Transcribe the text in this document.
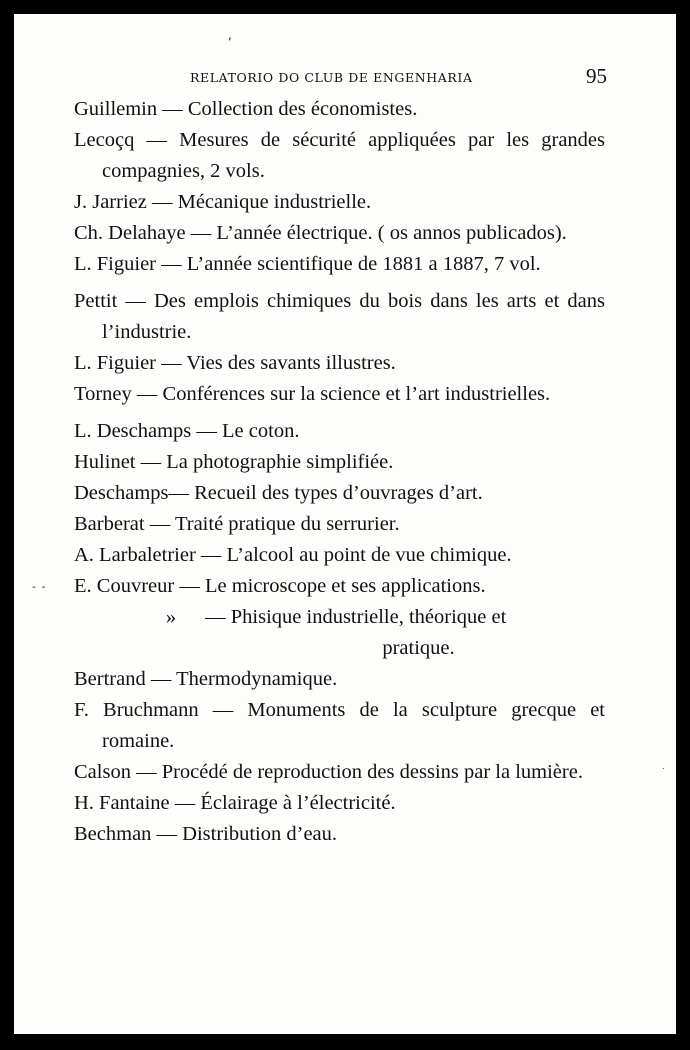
,
RELATORIO DO CLUB DE ENGENHARIA	95

Guillemin — Collection des économistes.

Lecoçq — Mesures de sécurité appliquées par les grandes compagnies, 2 vols.

J. Jarriez — Mécanique industrielle.

Ch. Delahaye — L’année électrique. ( os annos publicados).

L. Figuier — L’année scientifique de 1881 a 1887, 7 vol.

Pettit — Des emplois chimiques du bois dans les arts et dans l’industrie.

L. Figuier — Vies des savants illustres.

Torney — Conférences sur la science et l’art industrielles.

L. Deschamps — Le coton.

Hulinet — La photographie simplifiée.

Deschamps— Recueil des types d’ouvrages d’art.

Barberat — Traité pratique du serrurier.

A. Larbaletrier — L’alcool au point de vue chimique.

E. Couvreur — Le microscope et ses applications.

» — Phisique industrielle, théorique et
pratique.

Bertrand — Thermodynamique.

F. Bruchmann — Monuments de la sculpture grecque et romaine.

Calson — Procédé de reproduction des dessins par la lumière.

H. Fantaine — Éclairage à l’électricité.

Bechman — Distribution d’eau.

- -
.
